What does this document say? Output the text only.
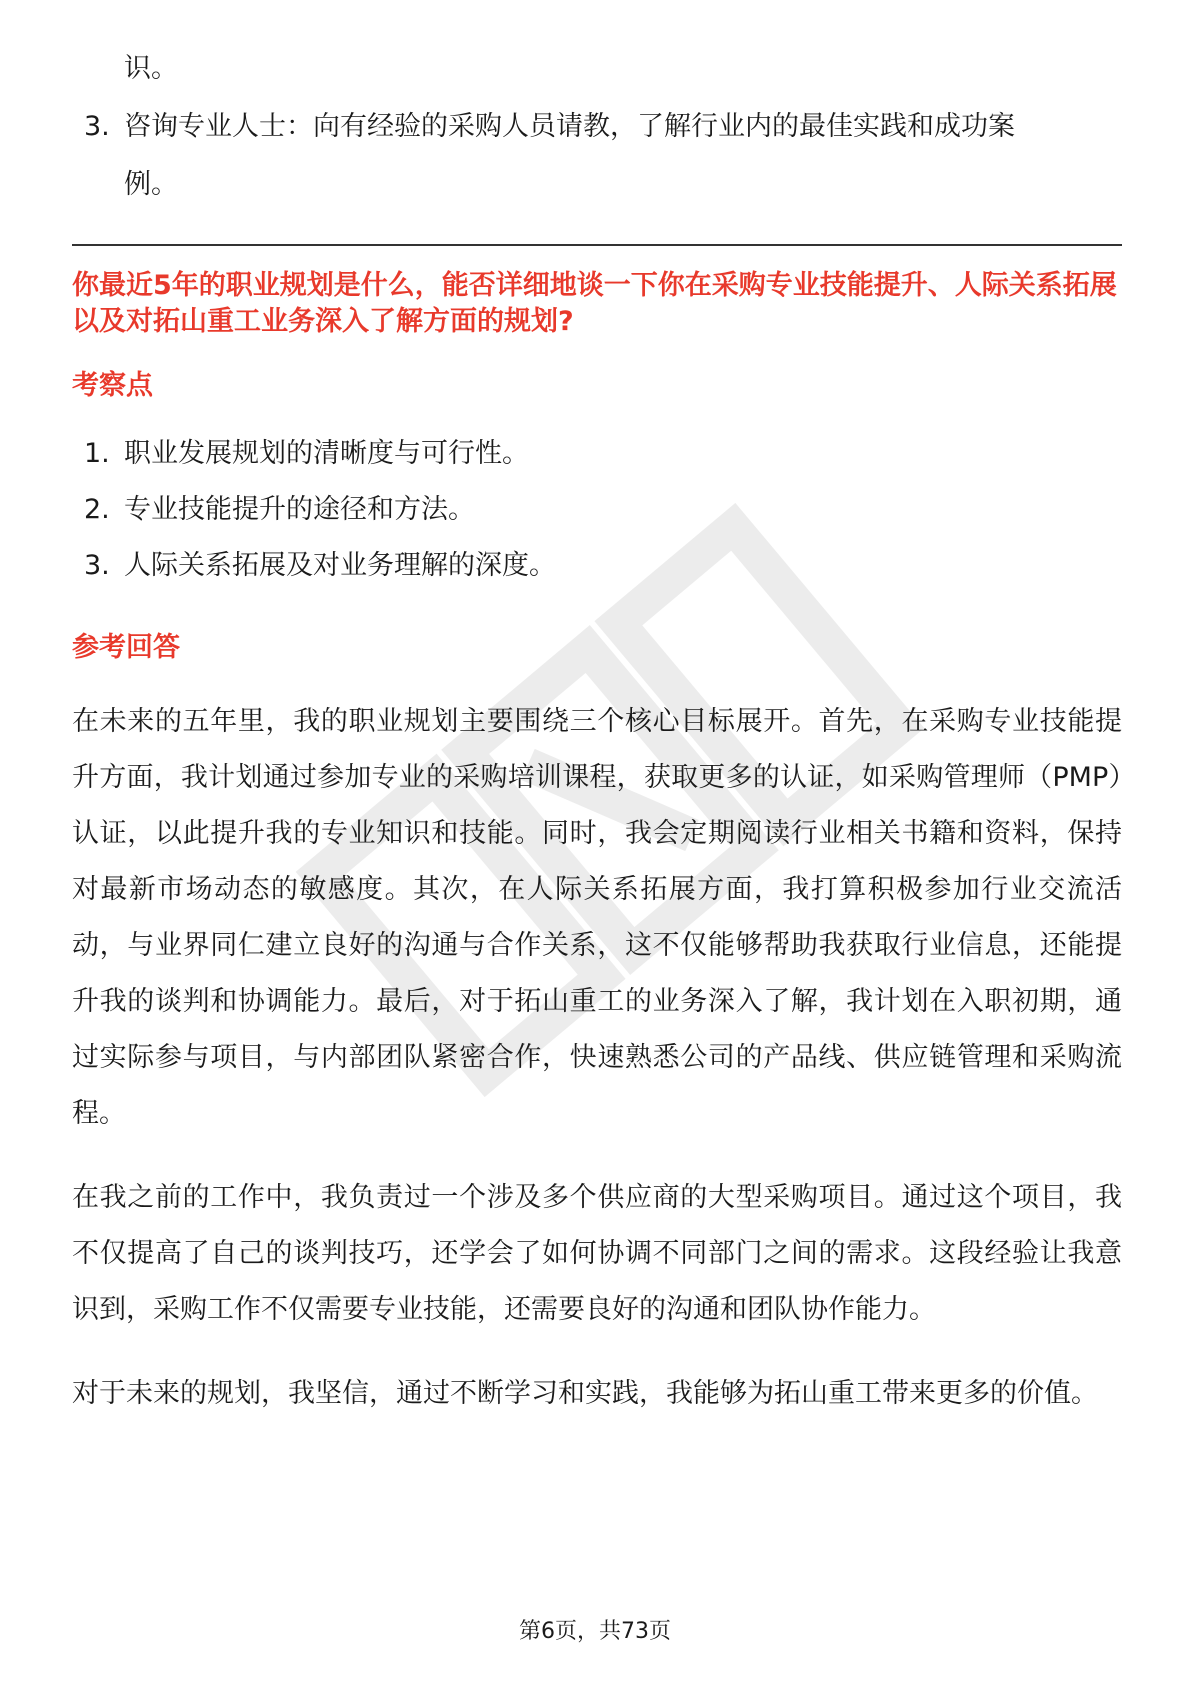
识。
3. 咨询专业人士：向有经验的采购人员请教，了解行业内的最佳实践和成功案
例。
你最近5年的职业规划是什么，能否详细地谈一下你在采购专业技能提升、人际关系拓展以及对拓山重工业务深入了解方面的规划?
考察点
1. 职业发展规划的清晰度与可行性。
2. 专业技能提升的途径和方法。
3. 人际关系拓展及对业务理解的深度。
参考回答

在未来的五年里，我的职业规划主要围绕三个核心目标展开。首先，在采购专业技能提升方面，我计划通过参加专业的采购培训课程，获取更多的认证，如采购管理师（PMP）认证，以此提升我的专业知识和技能。同时，我会定期阅读行业相关书籍和资料，保持对最新市场动态的敏感度。其次，在人际关系拓展方面，我打算积极参加行业交流活动，与业界同仁建立良好的沟通与合作关系，这不仅能够帮助我获取行业信息，还能提升我的谈判和协调能力。最后，对于拓山重工的业务深入了解，我计划在入职初期，通过实际参与项目，与内部团队紧密合作，快速熟悉公司的产品线、供应链管理和采购流程。

在我之前的工作中，我负责过一个涉及多个供应商的大型采购项目。通过这个项目，我不仅提高了自己的谈判技巧，还学会了如何协调不同部门之间的需求。这段经验让我意识到，采购工作不仅需要专业技能，还需要良好的沟通和团队协作能力。

对于未来的规划，我坚信，通过不断学习和实践，我能够为拓山重工带来更多的价值。

第6页，共73页
